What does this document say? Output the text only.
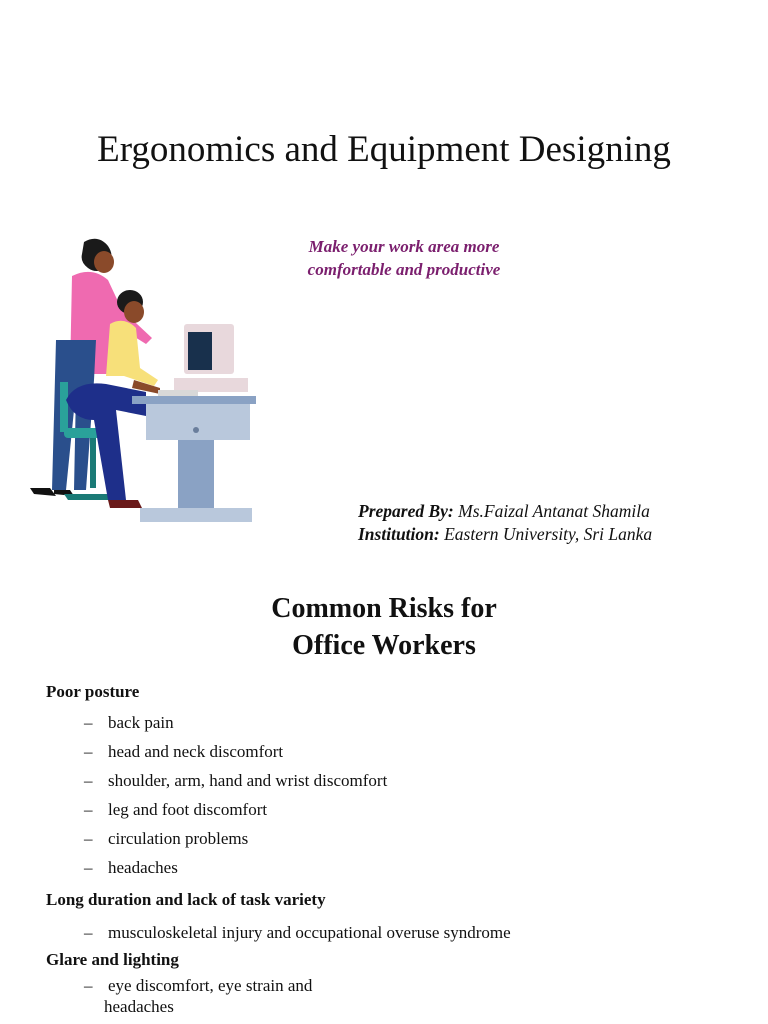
Ergonomics and Equipment Designing
Make your work area more
comfortable and productive
Prepared By: Ms.Faizal Antanat Shamila
Institution: Eastern University, Sri Lanka
Common Risks for
Office Workers
Poor posture
– back pain
– head and neck discomfort
– shoulder, arm, hand and wrist discomfort
– leg and foot discomfort
– circulation problems
– headaches
Long duration and lack of task variety
– musculoskeletal injury and occupational overuse syndrome
Glare and lighting
– eye discomfort, eye strain and
headaches
